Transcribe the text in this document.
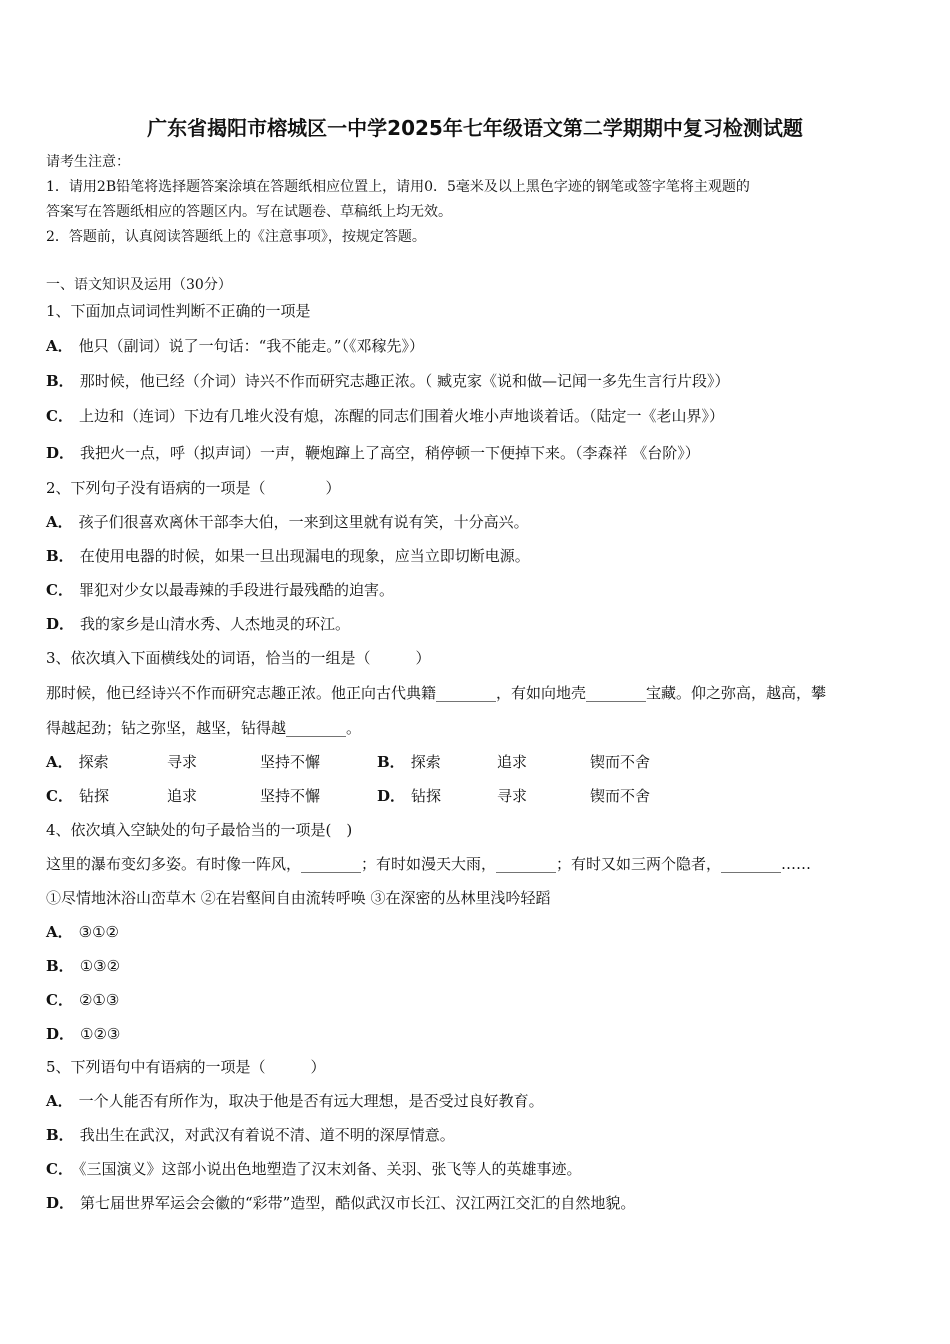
广东省揭阳市榕城区一中学2025年七年级语文第二学期期中复习检测试题
请考生注意：
1．请用2B铅笔将选择题答案涂填在答题纸相应位置上，请用0．5毫米及以上黑色字迹的钢笔或签字笔将主观题的
答案写在答题纸相应的答题区内。写在试题卷、草稿纸上均无效。
2．答题前，认真阅读答题纸上的《注意事项》，按规定答题。
一、语文知识及运用（30分）
1、下面加点词词性判断不正确的一项是
A． 他只（副词）说了一句话：“我不能走。”（《邓稼先》）
B． 那时候，他已经（介词）诗兴不作而研究志趣正浓。（ 臧克家《说和做—记闻一多先生言行片段》）
C． 上边和（连词）下边有几堆火没有熄，冻醒的同志们围着火堆小声地谈着话。（陆定一《老山界》）
D． 我把火一点，呼（拟声词）一声，鞭炮蹿上了高空，稍停顿一下便掉下来。（李森祥 《台阶》）
2、下列句子没有语病的一项是（　　　　）
A． 孩子们很喜欢离休干部李大伯，一来到这里就有说有笑，十分高兴。
B． 在使用电器的时候，如果一旦出现漏电的现象，应当立即切断电源。
C． 罪犯对少女以最毒辣的手段进行最残酷的迫害。
D． 我的家乡是山清水秀、人杰地灵的环江。
3、依次填入下面横线处的词语，恰当的一组是（　　　）
那时候，他已经诗兴不作而研究志趣正浓。他正向古代典籍________，有如向地壳________宝藏。仰之弥高，越高，攀
得越起劲；钻之弥坚，越坚，钻得越________。
A． 探索	寻求	坚持不懈	B． 探索	追求	锲而不舍
C． 钻探	追求	坚持不懈	D． 钻探	寻求	锲而不舍
4、依次填入空缺处的句子最恰当的一项是(　)
这里的瀑布变幻多姿。有时像一阵风，________；有时如漫天大雨，________；有时又如三两个隐者，________……
①尽情地沐浴山峦草木 ②在岩壑间自由流转呼唤 ③在深密的丛林里浅吟轻蹈
A． ③①②
B． ①③②
C． ②①③
D． ①②③
5、下列语句中有语病的一项是（　　　）
A． 一个人能否有所作为，取决于他是否有远大理想，是否受过良好教育。
B． 我出生在武汉，对武汉有着说不清、道不明的深厚情意。
C． 《三国演义》这部小说出色地塑造了汉末刘备、关羽、张飞等人的英雄事迹。
D． 第七届世界军运会会徽的“彩带”造型，酷似武汉市长江、汉江两江交汇的自然地貌。
